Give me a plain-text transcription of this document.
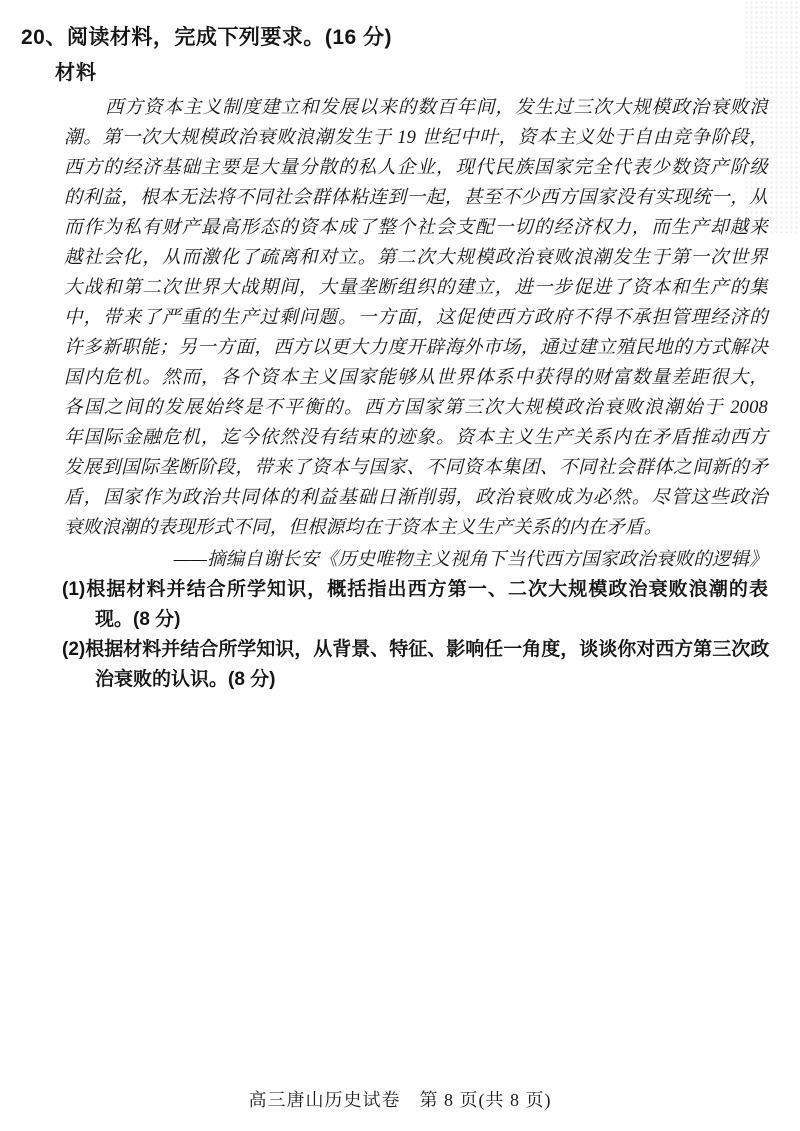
20、阅读材料，完成下列要求。(16 分)
材料
西方资本主义制度建立和发展以来的数百年间，发生过三次大规模政治衰败浪
潮。第一次大规模政治衰败浪潮发生于 19 世纪中叶，资本主义处于自由竞争阶段，
西方的经济基础主要是大量分散的私人企业，现代民族国家完全代表少数资产阶级
的利益，根本无法将不同社会群体粘连到一起，甚至不少西方国家没有实现统一，从
而作为私有财产最高形态的资本成了整个社会支配一切的经济权力，而生产却越来
越社会化，从而激化了疏离和对立。第二次大规模政治衰败浪潮发生于第一次世界
大战和第二次世界大战期间，大量垄断组织的建立，进一步促进了资本和生产的集
中，带来了严重的生产过剩问题。一方面，这促使西方政府不得不承担管理经济的
许多新职能；另一方面，西方以更大力度开辟海外市场，通过建立殖民地的方式解决
国内危机。然而，各个资本主义国家能够从世界体系中获得的财富数量差距很大，
各国之间的发展始终是不平衡的。西方国家第三次大规模政治衰败浪潮始于 2008
年国际金融危机，迄今依然没有结束的迹象。资本主义生产关系内在矛盾推动西方
发展到国际垄断阶段，带来了资本与国家、不同资本集团、不同社会群体之间新的矛
盾，国家作为政治共同体的利益基础日渐削弱，政治衰败成为必然。尽管这些政治
衰败浪潮的表现形式不同，但根源均在于资本主义生产关系的内在矛盾。
——摘编自谢长安《历史唯物主义视角下当代西方国家政治衰败的逻辑》
(1)根据材料并结合所学知识，概括指出西方第一、二次大规模政治衰败浪潮的表
现。(8 分)
(2)根据材料并结合所学知识，从背景、特征、影响任一角度，谈谈你对西方第三次政
治衰败的认识。(8 分)
高三唐山历史试卷　第 8 页(共 8 页)
